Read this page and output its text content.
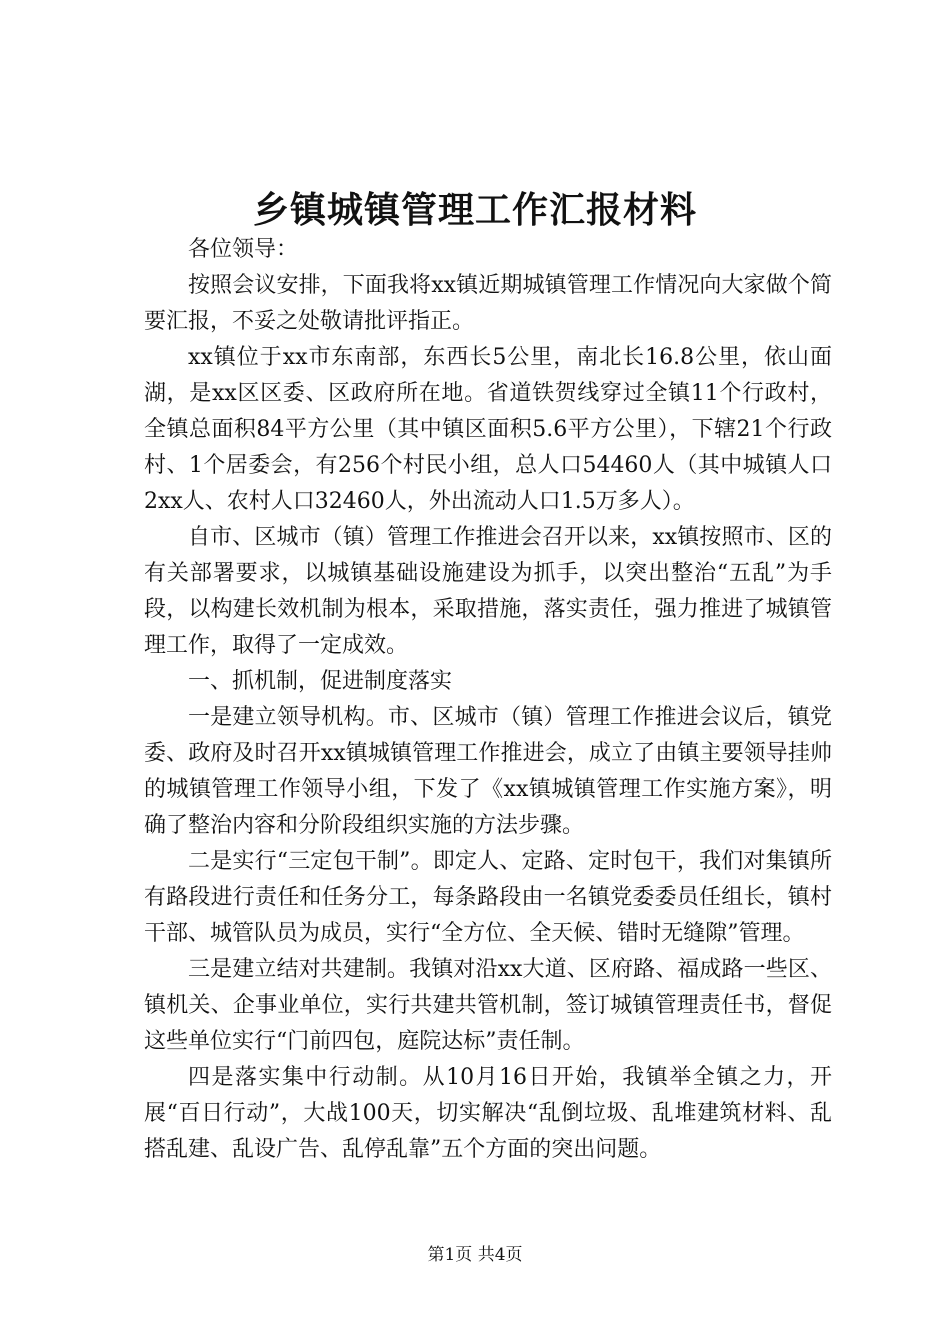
乡镇城镇管理工作汇报材料

各位领导：

按照会议安排，下面我将xx镇近期城镇管理工作情况向大家做个简要汇报，不妥之处敬请批评指正。

xx镇位于xx市东南部，东西长5公里，南北长16.8公里，依山面湖，是xx区区委、区政府所在地。省道铁贺线穿过全镇11个行政村，全镇总面积84平方公里（其中镇区面积5.6平方公里），下辖21个行政村、1个居委会，有256个村民小组，总人口54460人（其中城镇人口2xx人、农村人口32460人，外出流动人口1.5万多人）。

自市、区城市（镇）管理工作推进会召开以来，xx镇按照市、区的有关部署要求，以城镇基础设施建设为抓手，以突出整治“五乱”为手段，以构建长效机制为根本，采取措施，落实责任，强力推进了城镇管理工作，取得了一定成效。

一、抓机制，促进制度落实

一是建立领导机构。市、区城市（镇）管理工作推进会议后，镇党委、政府及时召开xx镇城镇管理工作推进会，成立了由镇主要领导挂帅的城镇管理工作领导小组，下发了《xx镇城镇管理工作实施方案》，明确了整治内容和分阶段组织实施的方法步骤。

二是实行“三定包干制”。即定人、定路、定时包干，我们对集镇所有路段进行责任和任务分工，每条路段由一名镇党委委员任组长，镇村干部、城管队员为成员，实行“全方位、全天候、错时无缝隙”管理。

三是建立结对共建制。我镇对沿xx大道、区府路、福成路一些区、镇机关、企事业单位，实行共建共管机制，签订城镇管理责任书，督促这些单位实行“门前四包，庭院达标”责任制。

四是落实集中行动制。从10月16日开始，我镇举全镇之力，开展“百日行动”，大战100天，切实解决“乱倒垃圾、乱堆建筑材料、乱搭乱建、乱设广告、乱停乱靠”五个方面的突出问题。

第1页 共4页
